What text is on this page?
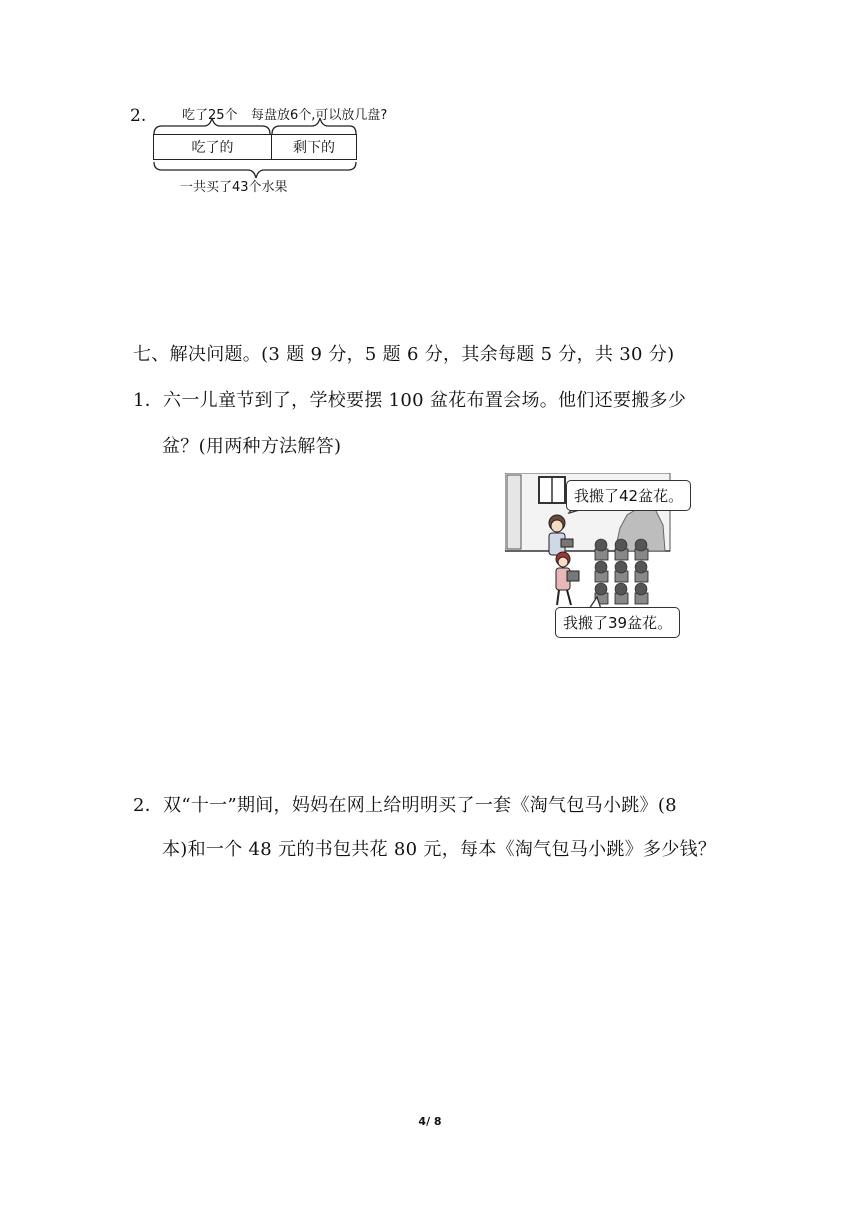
2.	吃了25个 每盘放6个,可以放几盘?
吃了的	剩下的
一共买了43个水果
七、解决问题。(3 题 9 分，5 题 6 分，其余每题 5 分，共 30 分)
1．六一儿童节到了，学校要摆 100 盆花布置会场。他们还要搬多少
盆？(用两种方法解答)
我搬了42盆花。
我搬了39盆花。
2．双“十一”期间，妈妈在网上给明明买了一套《淘气包马小跳》(8
本)和一个 48 元的书包共花 80 元，每本《淘气包马小跳》多少钱？
4/ 8
